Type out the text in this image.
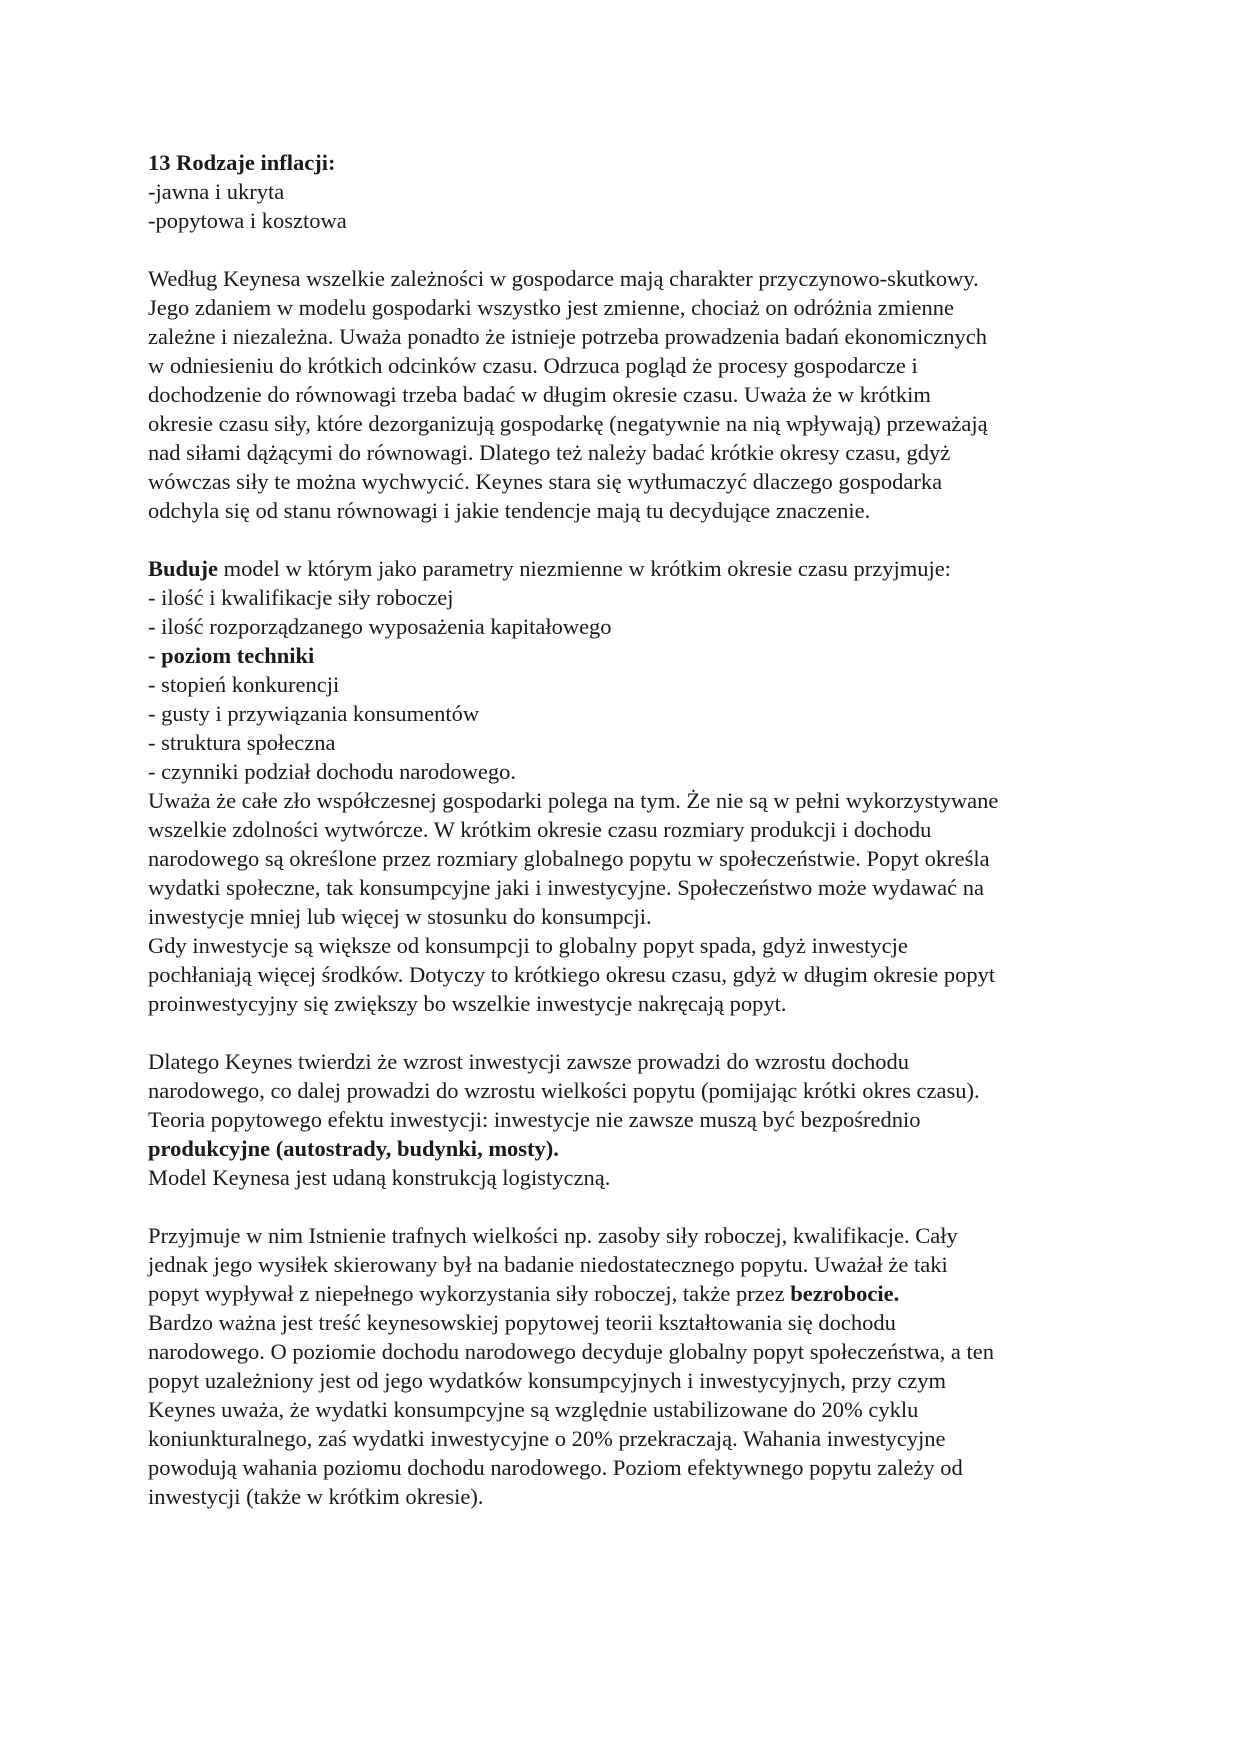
13 Rodzaje inflacji:
-jawna i ukryta
-popytowa i kosztowa
Według Keynesa wszelkie zależności w gospodarce mają charakter przyczynowo-skutkowy.
Jego zdaniem w modelu gospodarki wszystko jest zmienne, chociaż on odróżnia zmienne
zależne i niezależna. Uważa ponadto że istnieje potrzeba prowadzenia badań ekonomicznych
w odniesieniu do krótkich odcinków czasu. Odrzuca pogląd że procesy gospodarcze i
dochodzenie do równowagi trzeba badać w długim okresie czasu. Uważa że w krótkim
okresie czasu siły, które dezorganizują gospodarkę (negatywnie na nią wpływają) przeważają
nad siłami dążącymi do równowagi. Dlatego też należy badać krótkie okresy czasu, gdyż
wówczas siły te można wychwycić. Keynes stara się wytłumaczyć dlaczego gospodarka
odchyla się od stanu równowagi i jakie tendencje mają tu decydujące znaczenie.
Buduje model w którym jako parametry niezmienne w krótkim okresie czasu przyjmuje:
- ilość i kwalifikacje siły roboczej
- ilość rozporządzanego wyposażenia kapitałowego
- poziom techniki
- stopień konkurencji
- gusty i przywiązania konsumentów
- struktura społeczna
- czynniki podział dochodu narodowego.
Uważa że całe zło współczesnej gospodarki polega na tym. Że nie są w pełni wykorzystywane
wszelkie zdolności wytwórcze. W krótkim okresie czasu rozmiary produkcji i dochodu
narodowego są określone przez rozmiary globalnego popytu w społeczeństwie. Popyt określa
wydatki społeczne, tak konsumpcyjne jaki i inwestycyjne. Społeczeństwo może wydawać na
inwestycje mniej lub więcej w stosunku do konsumpcji.
Gdy inwestycje są większe od konsumpcji to globalny popyt spada, gdyż inwestycje
pochłaniają więcej środków. Dotyczy to krótkiego okresu czasu, gdyż w długim okresie popyt
proinwestycyjny się zwiększy bo wszelkie inwestycje nakręcają popyt.
Dlatego Keynes twierdzi że wzrost inwestycji zawsze prowadzi do wzrostu dochodu
narodowego, co dalej prowadzi do wzrostu wielkości popytu (pomijając krótki okres czasu).
Teoria popytowego efektu inwestycji: inwestycje nie zawsze muszą być bezpośrednio
produkcyjne (autostrady, budynki, mosty).
Model Keynesa jest udaną konstrukcją logistyczną.
Przyjmuje w nim Istnienie trafnych wielkości np. zasoby siły roboczej, kwalifikacje. Cały
jednak jego wysiłek skierowany był na badanie niedostatecznego popytu. Uważał że taki
popyt wypływał z niepełnego wykorzystania siły roboczej, także przez bezrobocie.
Bardzo ważna jest treść keynesowskiej popytowej teorii kształtowania się dochodu
narodowego. O poziomie dochodu narodowego decyduje globalny popyt społeczeństwa, a ten
popyt uzależniony jest od jego wydatków konsumpcyjnych i inwestycyjnych, przy czym
Keynes uważa, że wydatki konsumpcyjne są względnie ustabilizowane do 20% cyklu
koniunkturalnego, zaś wydatki inwestycyjne o 20% przekraczają. Wahania inwestycyjne
powodują wahania poziomu dochodu narodowego. Poziom efektywnego popytu zależy od
inwestycji (także w krótkim okresie).
